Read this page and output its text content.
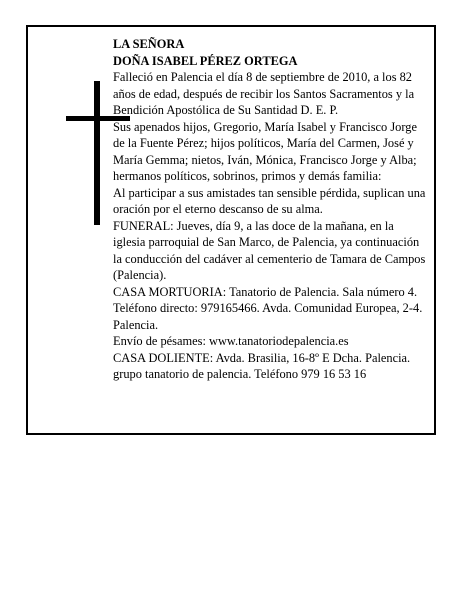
LA SEÑORA

DOÑA ISABEL PÉREZ ORTEGA

Falleció en Palencia el día 8 de septiembre de 2010, a los 82 años de edad, después de recibir los Santos Sacramentos y la Bendición Apostólica de Su Santidad D. E. P.

Sus apenados hijos, Gregorio, María Isabel y Francisco Jorge de la Fuente Pérez; hijos políticos, María del Carmen, José y María Gemma; nietos, Iván, Mónica, Francisco Jorge y Alba; hermanos políticos, sobrinos, primos y demás familia:

Al participar a sus amistades tan sensible pérdida, suplican una oración por el eterno descanso de su alma.

FUNERAL: Jueves, día 9, a las doce de la mañana, en la iglesia parroquial de San Marco, de Palencia, ya continuación la conducción del cadáver al cementerio de Tamara de Campos (Palencia).

CASA MORTUORIA: Tanatorio de Palencia. Sala número 4. Teléfono directo: 979165466. Avda. Comunidad Europea, 2-4. Palencia.

Envío de pésames: www.tanatoriodepalencia.es

CASA DOLIENTE: Avda. Brasilia, 16-8º E Dcha. Palencia.

grupo tanatorio de palencia. Teléfono 979 16 53 16
